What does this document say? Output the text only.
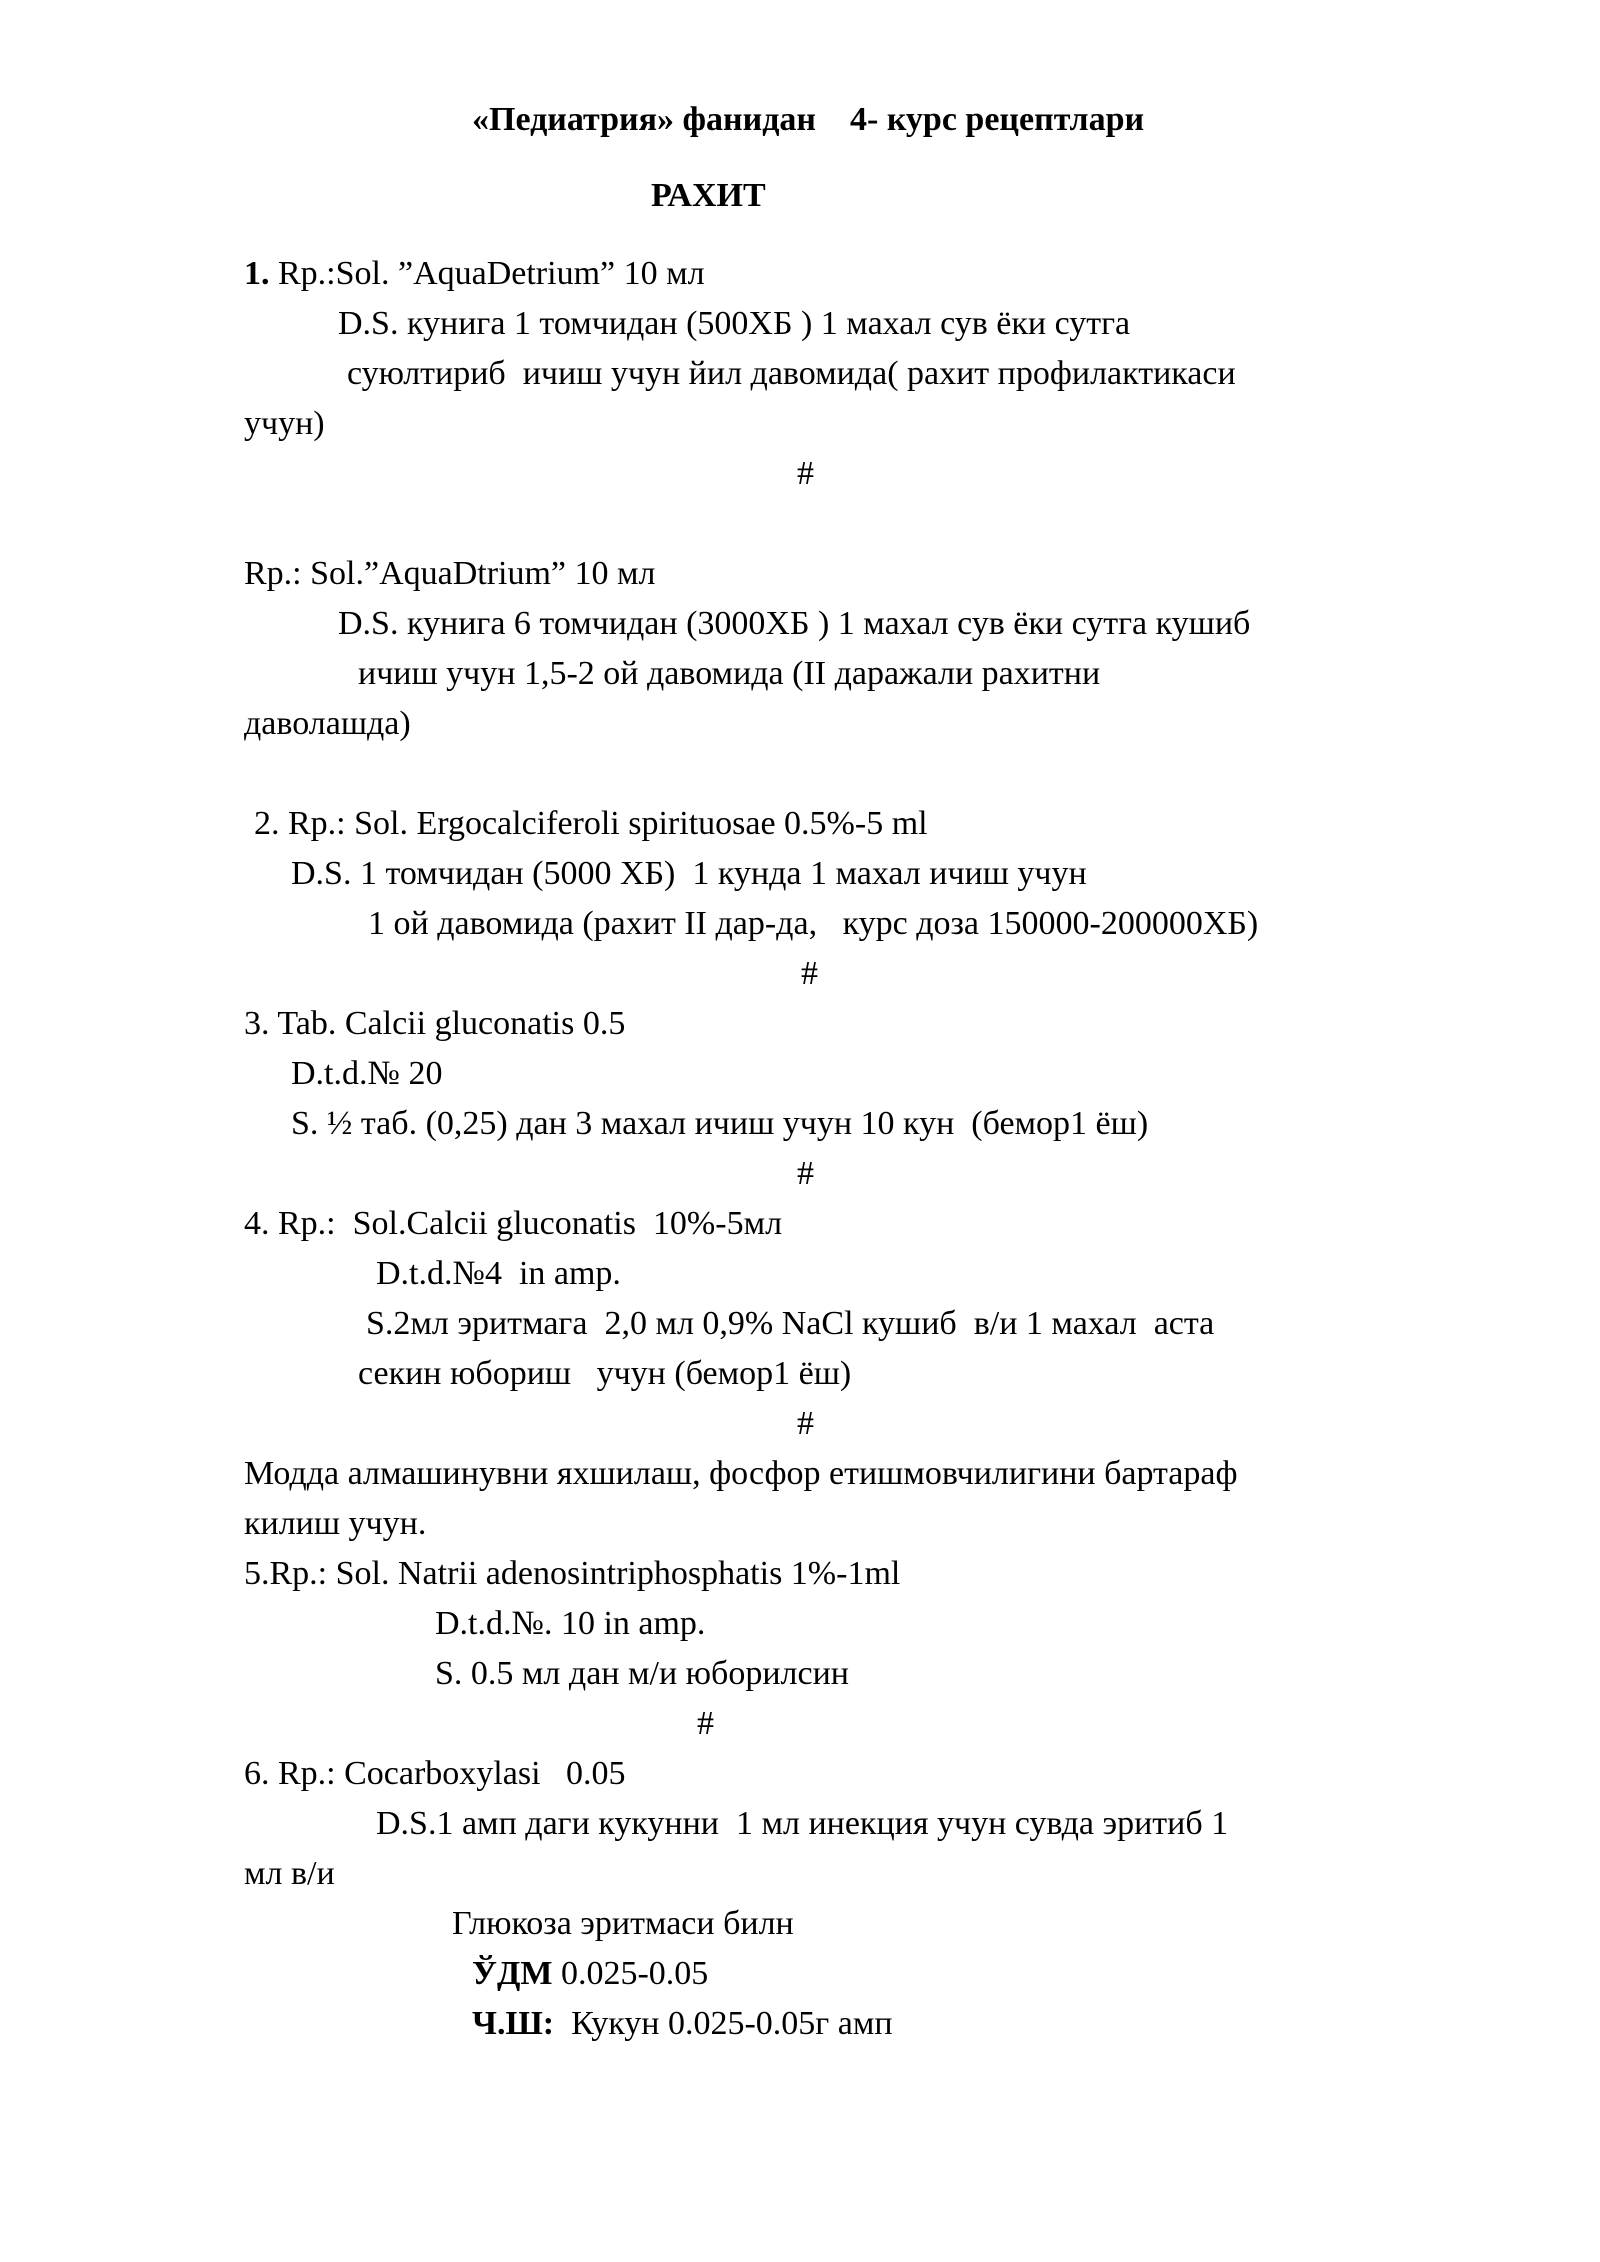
«Педиатрия» фанидан    4- курс рецептлари
РАХИТ
1. Rp.:Sol. ”AquaDetrium” 10 мл
D.S. кунига 1 томчидан (500ХБ ) 1 махал сув ёки сутга
суюлтириб  ичиш учун йил давомида( рахит профилактикаси
учун)
#
Rp.: Sol.”AquaDtrium” 10 мл
D.S. кунига 6 томчидан (3000ХБ ) 1 махал сув ёки сутга кушиб
ичиш учун 1,5-2 ой давомида (II даражали рахитни
даволашда)
2. Rp.: Sol. Ergocalciferoli spirituosae 0.5%-5 ml
D.S. 1 томчидан (5000 ХБ)  1 кунда 1 махал ичиш учун
1 ой давомида (рахит II дар-да,   курс доза 150000-200000ХБ)
#
3. Tab. Calcii gluconatis 0.5
D.t.d.№ 20
S. ½ таб. (0,25) дан 3 махал ичиш учун 10 кун  (бемор1 ёш)
#
4. Rp.:  Sol.Calcii gluconatis  10%-5мл
D.t.d.№4  in amp.
S.2мл эритмага  2,0 мл 0,9% NaCl кушиб  в/и 1 махал  аста
секин юбориш   учун (бемор1 ёш)
#
Модда алмашинувни яхшилаш, фосфор етишмовчилигини бартараф
килиш учун.
5.Rp.: Sol. Natrii adenosintriphosphatis 1%-1ml
D.t.d.№. 10 in amp.
S. 0.5 мл дан м/и юборилсин
#
6. Rp.: Cocarboxylasi   0.05
D.S.1 амп даги кукунни  1 мл инекция учун сувда эритиб 1
мл в/и
Глюкоза эритмаси билн
ЎДМ 0.025-0.05
Ч.Ш:  Кукун 0.025-0.05г амп
